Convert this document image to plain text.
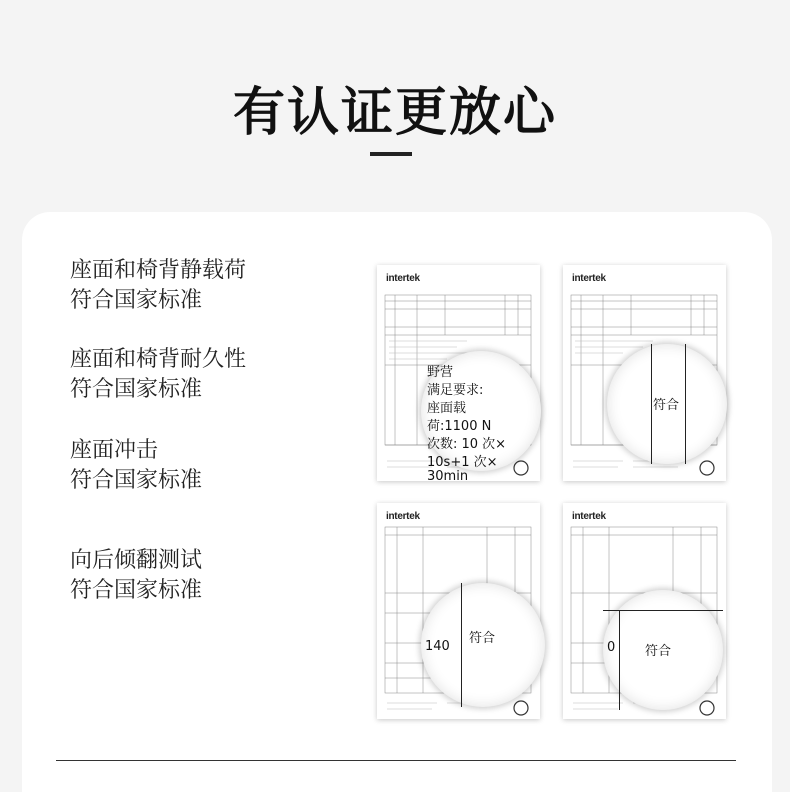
有认证更放心
座面和椅背静载荷
符合国家标准
座面和椅背耐久性
符合国家标准
座面冲击
符合国家标准
向后倾翻测试
符合国家标准
intertek
野营
满足要求:
座面载
荷:1100 N
次数: 10 次×
10s+1 次×
30min
intertek
符合
intertek
140
符合
intertek
0 符合
